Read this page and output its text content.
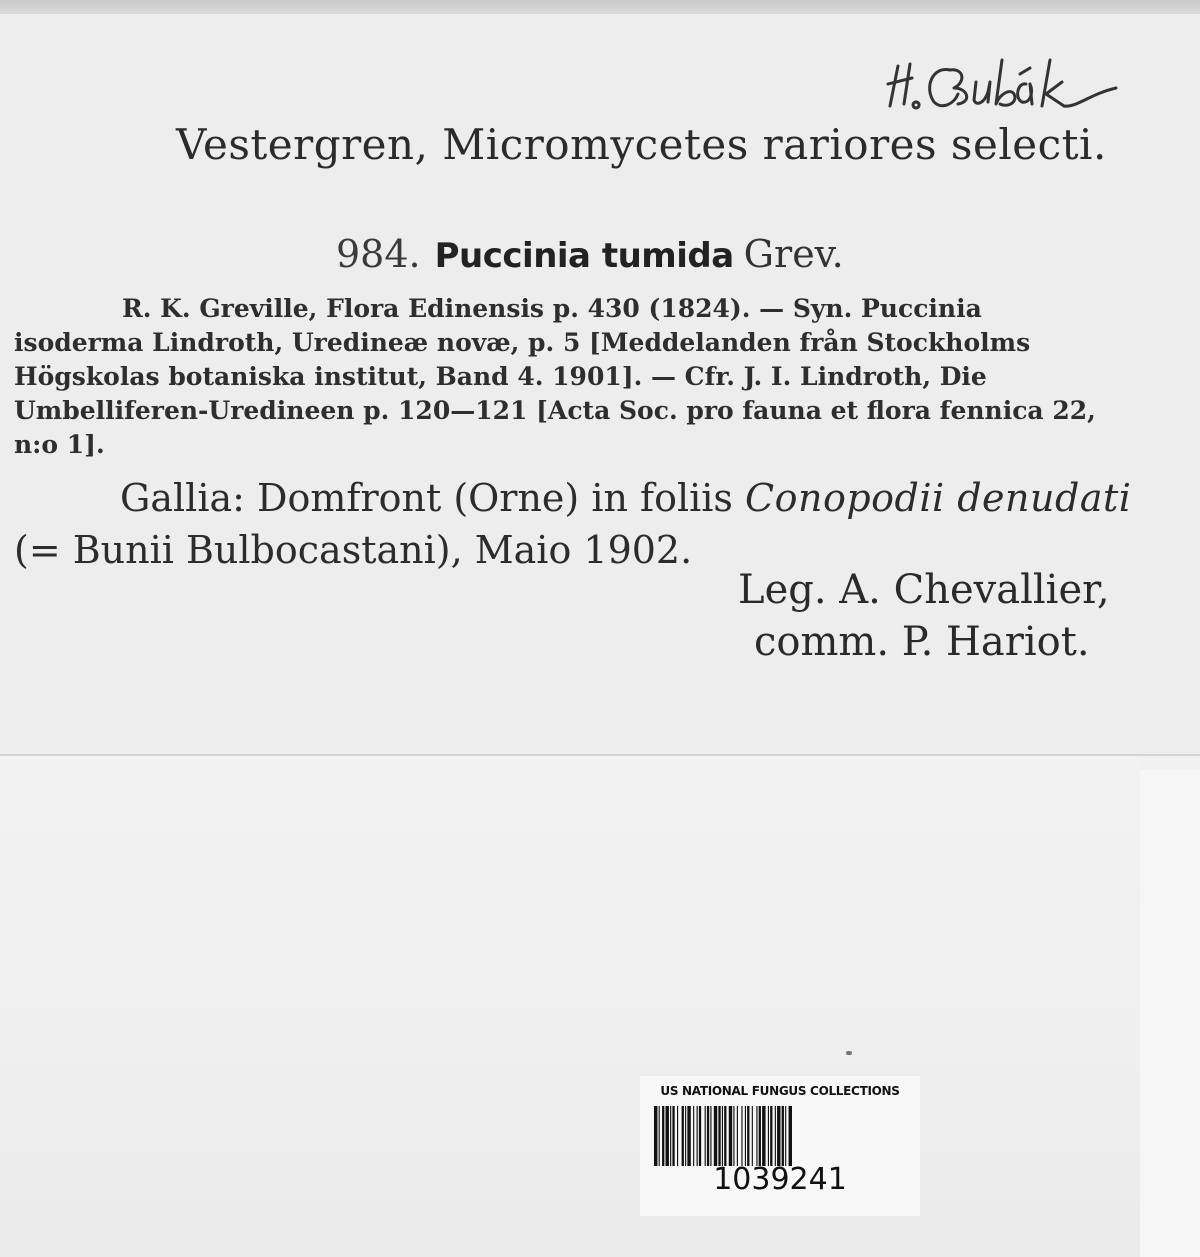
Vestergren, Micromycetes rariores selecti.
984. Puccinia tumida Grev.
R. K. Greville, Flora Edinensis p. 430 (1824). — Syn. Puccinia
isoderma Lindroth, Uredineæ novæ, p. 5 [Meddelanden från Stockholms
Högskolas botaniska institut, Band 4. 1901]. — Cfr. J. I. Lindroth, Die
Umbelliferen-Uredineen p. 120—121 [Acta Soc. pro fauna et flora fennica 22,
n:o 1].
Gallia: Domfront (Orne) in foliis Conopodii denudati
(= Bunii Bulbocastani), Maio 1902.
Leg. A. Chevallier,
comm. P. Hariot.
US NATIONAL FUNGUS COLLECTIONS
1039241
